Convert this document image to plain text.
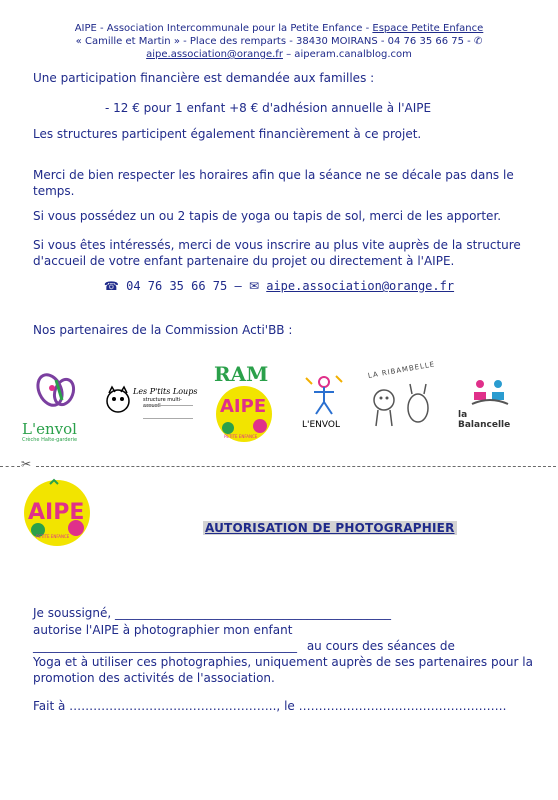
AIPE - Association Intercommunale pour la Petite Enfance - Espace Petite Enfance
« Camille et Martin » - Place des remparts - 38430 MOIRANS - 04 76 35 66 75 - ✆
aipe.association@orange.fr – aiperam.canalblog.com
Une participation financière est demandée aux familles :
- 12 € pour 1 enfant +8 € d'adhésion annuelle à l'AIPE
Les structures participent également financièrement à ce projet.
Merci de bien respecter les horaires afin que la séance ne se décale pas dans le temps.
Si vous possédez un ou 2 tapis de yoga ou tapis de sol, merci de les apporter.
Si vous êtes intéressés, merci de vous inscrire au plus vite auprès de la structure d'accueil de votre enfant partenaire du projet ou directement à l'AIPE.
☎ 04 76 35 66 75 – ✉ aipe.association@orange.fr
Nos partenaires de la Commission Acti'BB :
L'envol
Crèche Halte-garderie
Les P'tits Loups
structure multi-accueil
RAM
AIPE
PETITE ENFANCE
L'ENVOL
LA RIBAMBELLE
la Balancelle
✂
AIPE
PETITE ENFANCE
AUTORISATION DE PHOTOGRAPHIER
Je soussigné, ______________________________________________
autorise l'AIPE à photographier mon enfant
____________________________________________ au cours des séances de
Yoga et à utiliser ces photographies, uniquement auprès de ses partenaires pour la promotion des activités de l'association.
Fait à ………………………..………………….., le …………………………………………….
